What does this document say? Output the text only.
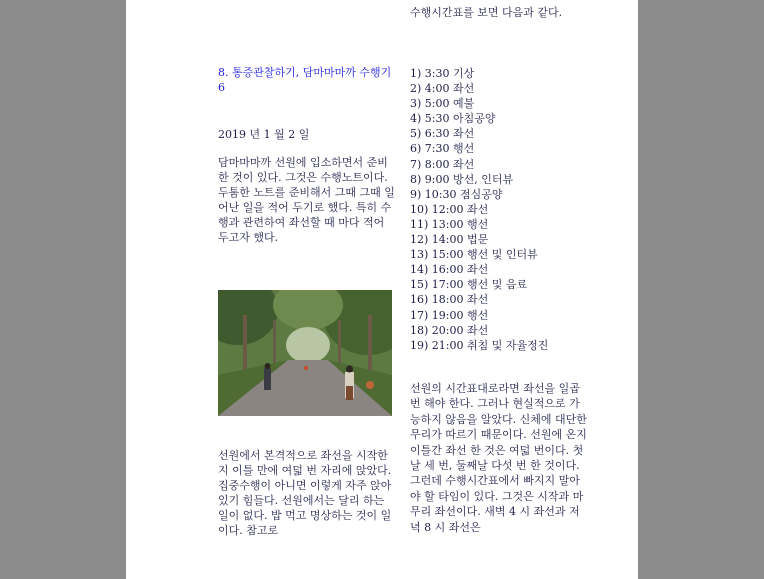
수행시간표를 보면 다음과 같다.
8. 통증관찰하기, 담마마마까 수행기 6
2019 년 1 월 2 일
담마마마까 선원에 입소하면서 준비한 것이 있다. 그것은 수행노트이다. 두툼한 노트를 준비해서 그때 그때 일어난 일을 적어 두기로 했다. 특히 수행과 관련하여 좌선할 때 마다 적어 두고자 했다.
선원에서 본격적으로 좌선을 시작한지 이틀 만에 여덟 번 자리에 앉았다. 집중수행이 아니면 이렇게 자주 앉아 있기 힘들다. 선원에서는 달리 하는 일이 없다. 밥 먹고 명상하는 것이 일이다. 참고로
1) 3:30 기상
2) 4:00 좌선
3) 5:00 예불
4) 5:30 아침공양
5) 6:30 좌선
6) 7:30 행선
7) 8:00 좌선
8) 9:00 방선, 인터뷰
9) 10:30 점심공양
10) 12:00 좌선
11) 13:00 행선
12) 14:00 법문
13) 15:00 행선 및 인터뷰
14) 16:00 좌선
15) 17:00 행선 및 음료
16) 18:00 좌선
17) 19:00 행선
18) 20:00 좌선
19) 21:00 취침 및 자율정진
선원의 시간표대로라면 좌선을 일곱 번 해야 한다. 그러나 현실적으로 가능하지 않음을 알았다. 신체에 대단한 무리가 따르기 때문이다. 선원에 온지 이틀간 좌선 한 것은 여덟 번이다. 첫날 세 번, 둘째날 다섯 번 한 것이다. 그런데 수행시간표에서 빠지지 말아야 할 타임이 있다. 그것은 시작과 마무리 좌선이다. 새벽 4 시 좌선과 저녁 8 시 좌선은
